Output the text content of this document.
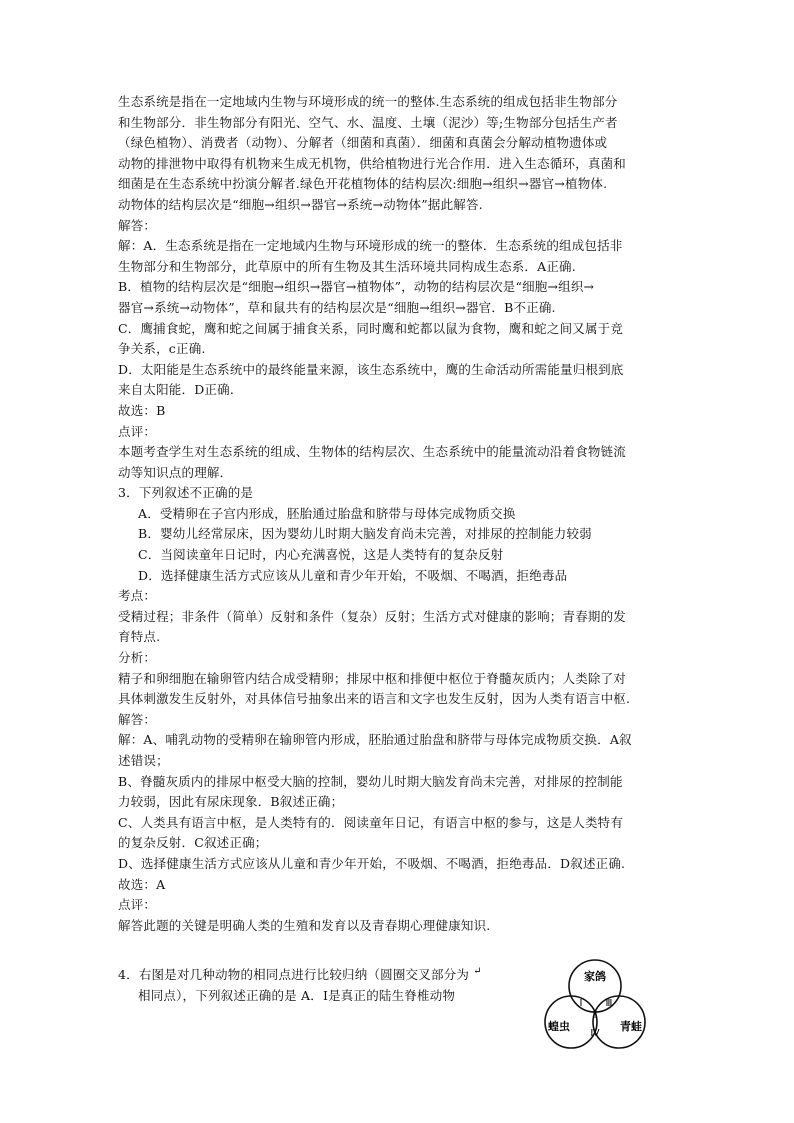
生态系统是指在一定地域内生物与环境形成的统一的整体.生态系统的组成包括非生物部分

和生物部分．非生物部分有阳光、空气、水、温度、土壤（泥沙）等;生物部分包括生产者

（绿色植物）、消费者（动物）、分解者（细菌和真菌）．细菌和真菌会分解动植物遗体或

动物的排泄物中取得有机物来生成无机物，供给植物进行光合作用．进入生态循环，真菌和

细菌是在生态系统中扮演分解者.绿色开花植物体的结构层次:细胞→组织→器官→植物体.

动物体的结构层次是“细胞→组织→器官→系统→动物体”据此解答.

解答：

解：A．生态系统是指在一定地域内生物与环境形成的统一的整体．生态系统的组成包括非

生物部分和生物部分，此草原中的所有生物及其生活环境共同构成生态系．A正确.

B．植物的结构层次是“细胞→组织→器官→植物体”，动物的结构层次是“细胞→组织→

器官→系统→动物体”，草和鼠共有的结构层次是“细胞→组织→器官．B不正确.

C．鹰捕食蛇，鹰和蛇之间属于捕食关系，同时鹰和蛇都以鼠为食物，鹰和蛇之间又属于竞

争关系，c正确.

D．太阳能是生态系统中的最终能量来源，该生态系统中，鹰的生命活动所需能量归根到底

来自太阳能．D正确.

故选：B

点评：

本题考查学生对生态系统的组成、生物体的结构层次、生态系统中的能量流动沿着食物链流

动等知识点的理解．

3．下列叙述不正确的是

A．受精卵在子宫内形成，胚胎通过胎盘和脐带与母体完成物质交换

B．婴幼儿经常尿床，因为婴幼儿时期大脑发育尚未完善，对排尿的控制能力较弱

C．当阅读童年日记时，内心充满喜悦，这是人类特有的复杂反射

D．选择健康生活方式应该从儿童和青少年开始，不吸烟、不喝酒，拒绝毒品

考点：

受精过程；非条件（简单）反射和条件（复杂）反射；生活方式对健康的影响；青春期的发

育特点.

分析：

精子和卵细胞在输卵管内结合成受精卵；排尿中枢和排便中枢位于脊髓灰质内；人类除了对

具体刺激发生反射外，对具体信号抽象出来的语言和文字也发生反射，因为人类有语言中枢.

解答：

解：A、哺乳动物的受精卵在输卵管内形成，胚胎通过胎盘和脐带与母体完成物质交换．A叙

述错误；

B、脊髓灰质内的排尿中枢受大脑的控制，婴幼儿时期大脑发育尚未完善，对排尿的控制能

力较弱，因此有尿床现象．B叙述正确；

C、人类具有语言中枢，是人类特有的．阅读童年日记，有语言中枢的参与，这是人类特有

的复杂反射．C叙述正确；

D、选择健康生活方式应该从儿童和青少年开始，不吸烟、不喝酒，拒绝毒品．D叙述正确.

故选：A

点评：

解答此题的关键是明确人类的生殖和发育以及青春期心理健康知识.

4．右图是对几种动物的相同点进行比较归纳（圆圈交叉部分为 ↵

相同点），下列叙述正确的是 A．Ⅰ是真正的陆生脊椎动物

家鸽
蝗虫	青蛙
Ⅰ
Ⅱ
Ⅲ
Ⅳ
